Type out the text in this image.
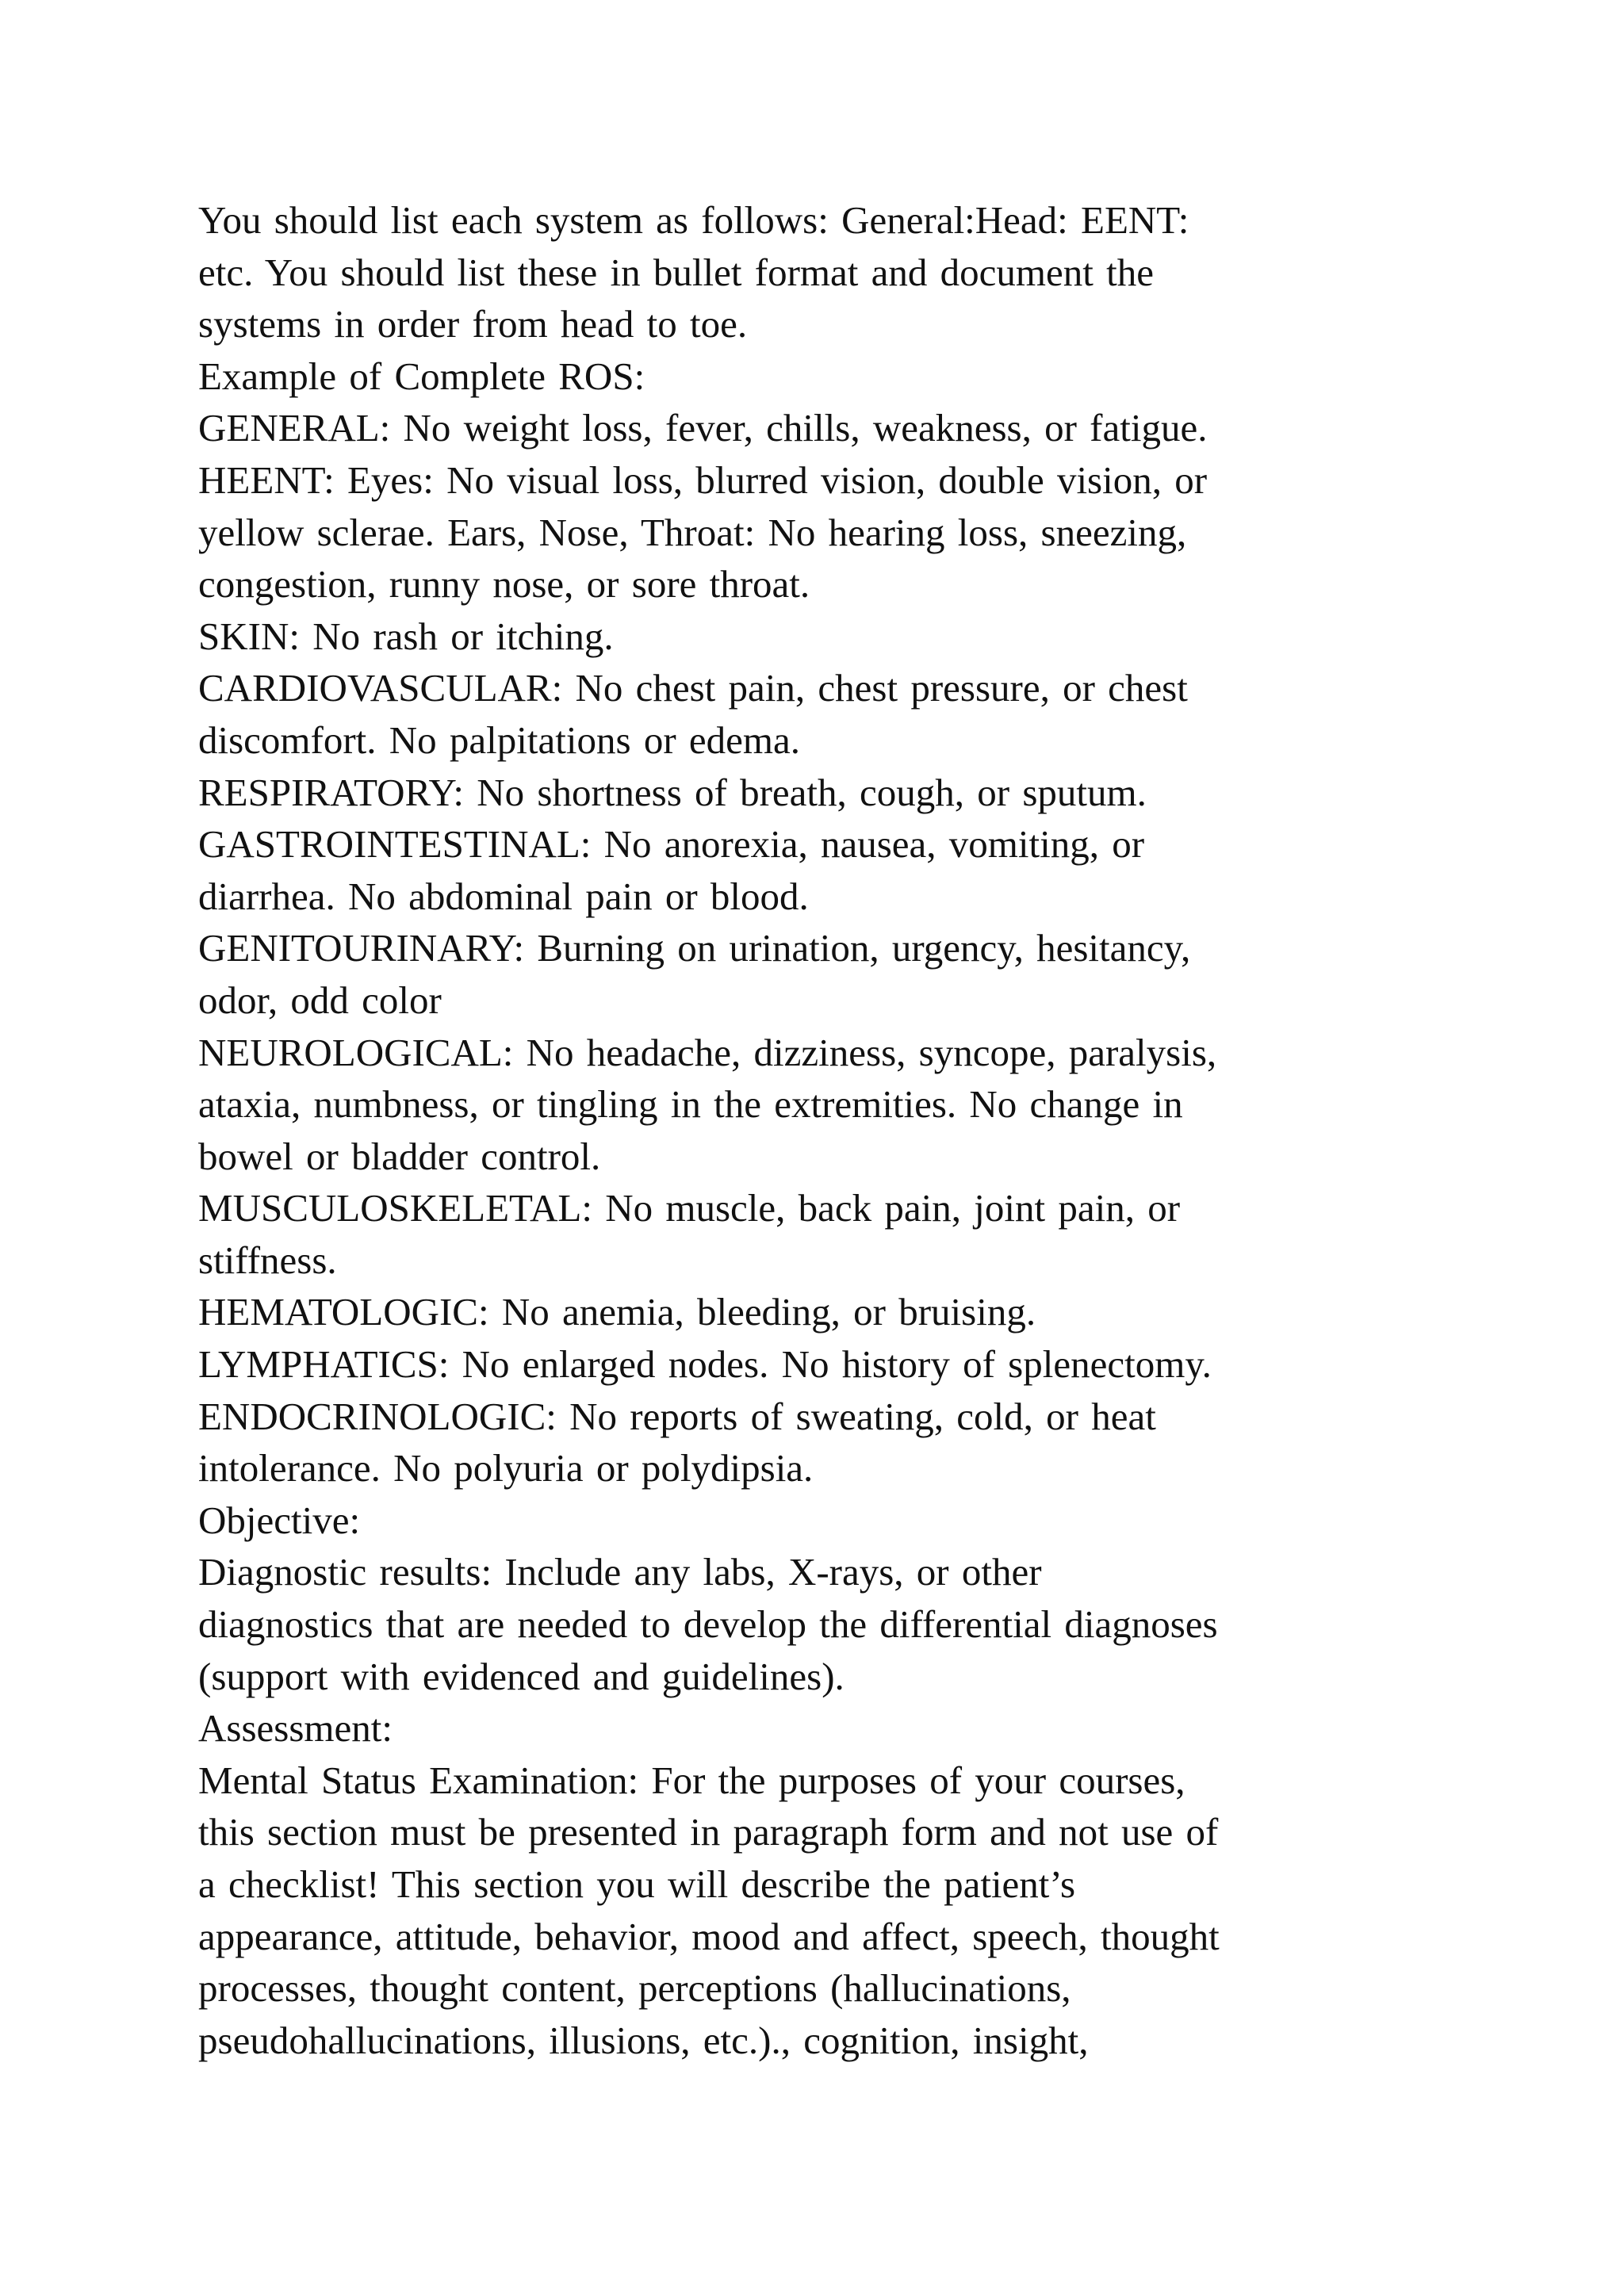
You should list each system as follows: General:Head: EENT:
etc. You should list these in bullet format and document the
systems in order from head to toe.
Example of Complete ROS:
GENERAL: No weight loss, fever, chills, weakness, or fatigue.
HEENT: Eyes: No visual loss, blurred vision, double vision, or
yellow sclerae. Ears, Nose, Throat: No hearing loss, sneezing,
congestion, runny nose, or sore throat.
SKIN: No rash or itching.
CARDIOVASCULAR: No chest pain, chest pressure, or chest
discomfort. No palpitations or edema.
RESPIRATORY: No shortness of breath, cough, or sputum.
GASTROINTESTINAL: No anorexia, nausea, vomiting, or
diarrhea. No abdominal pain or blood.
GENITOURINARY: Burning on urination, urgency, hesitancy,
odor, odd color
NEUROLOGICAL: No headache, dizziness, syncope, paralysis,
ataxia, numbness, or tingling in the extremities. No change in
bowel or bladder control.
MUSCULOSKELETAL: No muscle, back pain, joint pain, or
stiffness.
HEMATOLOGIC: No anemia, bleeding, or bruising.
LYMPHATICS: No enlarged nodes. No history of splenectomy.
ENDOCRINOLOGIC: No reports of sweating, cold, or heat
intolerance. No polyuria or polydipsia.
Objective:
Diagnostic results: Include any labs, X-rays, or other
diagnostics that are needed to develop the differential diagnoses
(support with evidenced and guidelines).
Assessment:
Mental Status Examination: For the purposes of your courses,
this section must be presented in paragraph form and not use of
a checklist! This section you will describe the patient’s
appearance, attitude, behavior, mood and affect, speech, thought
processes, thought content, perceptions (hallucinations,
pseudohallucinations, illusions, etc.)., cognition, insight,
